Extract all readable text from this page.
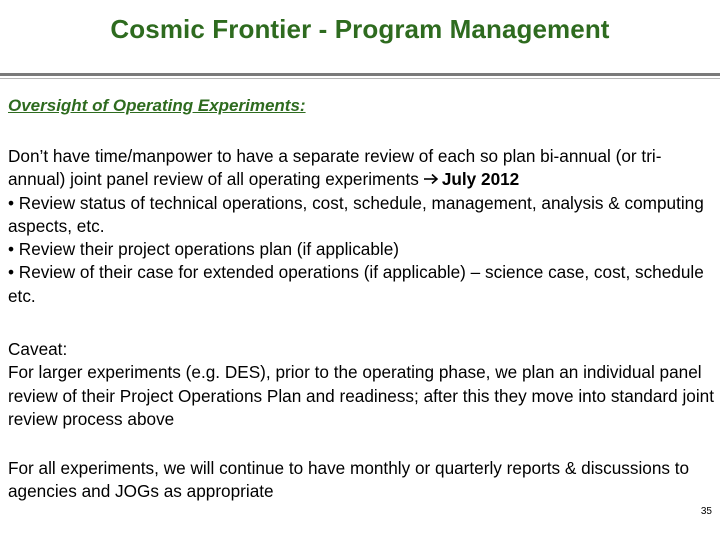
Cosmic Frontier - Program Management
Oversight of Operating Experiments:
Don’t have time/manpower to have a separate review of each so plan bi-annual (or tri-annual) joint panel review of all operating experiments July 2012
• Review status of technical operations, cost, schedule, management, analysis & computing aspects, etc.
• Review their project operations plan (if applicable)
• Review of their case for extended operations (if applicable) – science case, cost, schedule etc.
Caveat:
For larger experiments (e.g. DES), prior to the operating phase, we plan an individual panel review of their Project Operations Plan and readiness; after this they move into standard joint review process above
For all experiments, we will continue to have monthly or quarterly reports & discussions to agencies and JOGs as appropriate
35
